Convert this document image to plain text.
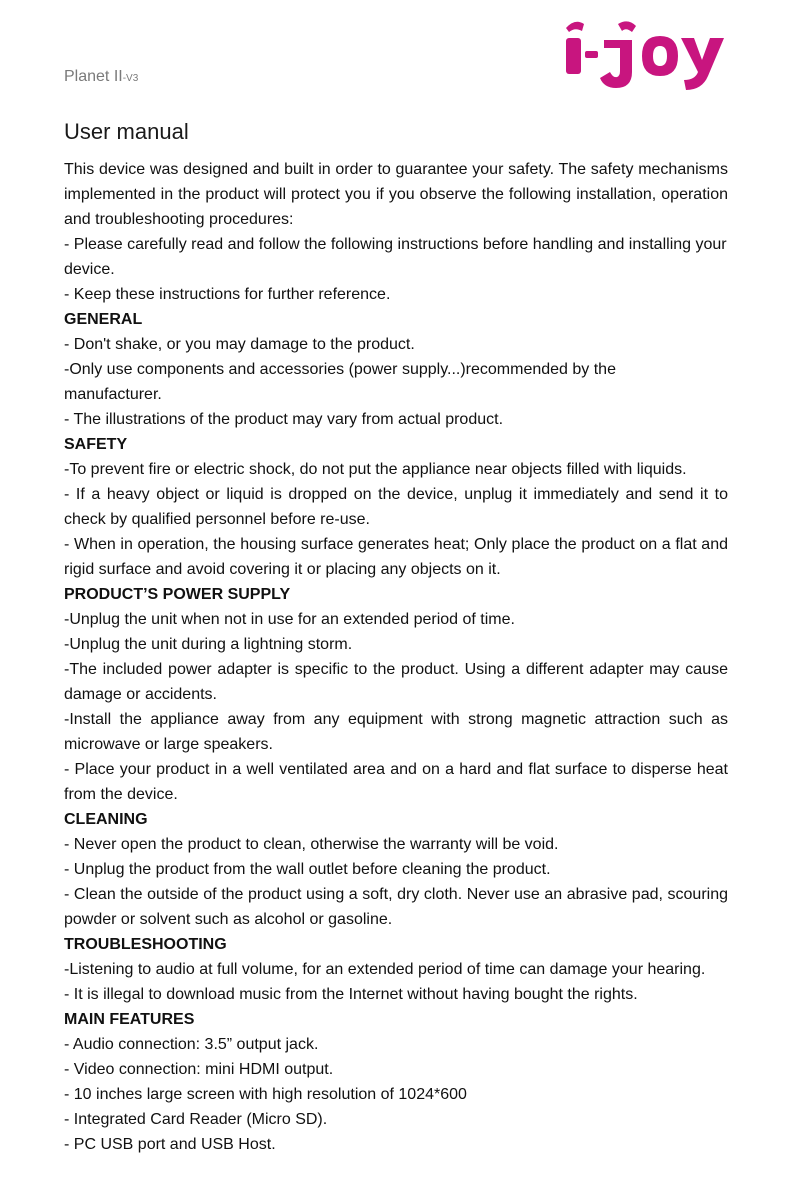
Planet II-V3
i-joy
User manual

This device was designed and built in order to guarantee your safety. The safety mechanisms implemented in the product will protect you if you observe the following installation, operation and troubleshooting procedures:

- Please carefully read and follow the following instructions before handling and installing your device.

- Keep these instructions for further reference.

GENERAL

- Don't shake, or you may damage to the product.

-Only use components and accessories (power supply...)recommended by the manufacturer.

- The illustrations of the product may vary from actual product.

SAFETY

-To prevent fire or electric shock, do not put the appliance near objects filled with liquids.

- If a heavy object or liquid is dropped on the device, unplug it immediately and send it to check by qualified personnel before re-use.

- When in operation, the housing surface generates heat; Only place the product on a flat and rigid surface and avoid covering it or placing any objects on it.

PRODUCT’S POWER SUPPLY

-Unplug the unit when not in use for an extended period of time.

-Unplug the unit during a lightning storm.

-The included power adapter is specific to the product. Using a different adapter may cause damage or accidents.

-Install the appliance away from any equipment with strong magnetic attraction such as microwave or large speakers.

- Place your product in a well ventilated area and on a hard and flat surface to disperse heat from the device.

CLEANING

- Never open the product to clean, otherwise the warranty will be void.

- Unplug the product from the wall outlet before cleaning the product.

- Clean the outside of the product using a soft, dry cloth. Never use an abrasive pad, scouring powder or solvent such as alcohol or gasoline.

TROUBLESHOOTING

-Listening to audio at full volume, for an extended period of time can damage your hearing.

- It is illegal to download music from the Internet without having bought the rights.

MAIN FEATURES

- Audio connection: 3.5” output jack.

- Video connection: mini HDMI output.

- 10 inches large screen with high resolution of 1024*600

- Integrated Card Reader (Micro SD).

- PC USB port and USB Host.
